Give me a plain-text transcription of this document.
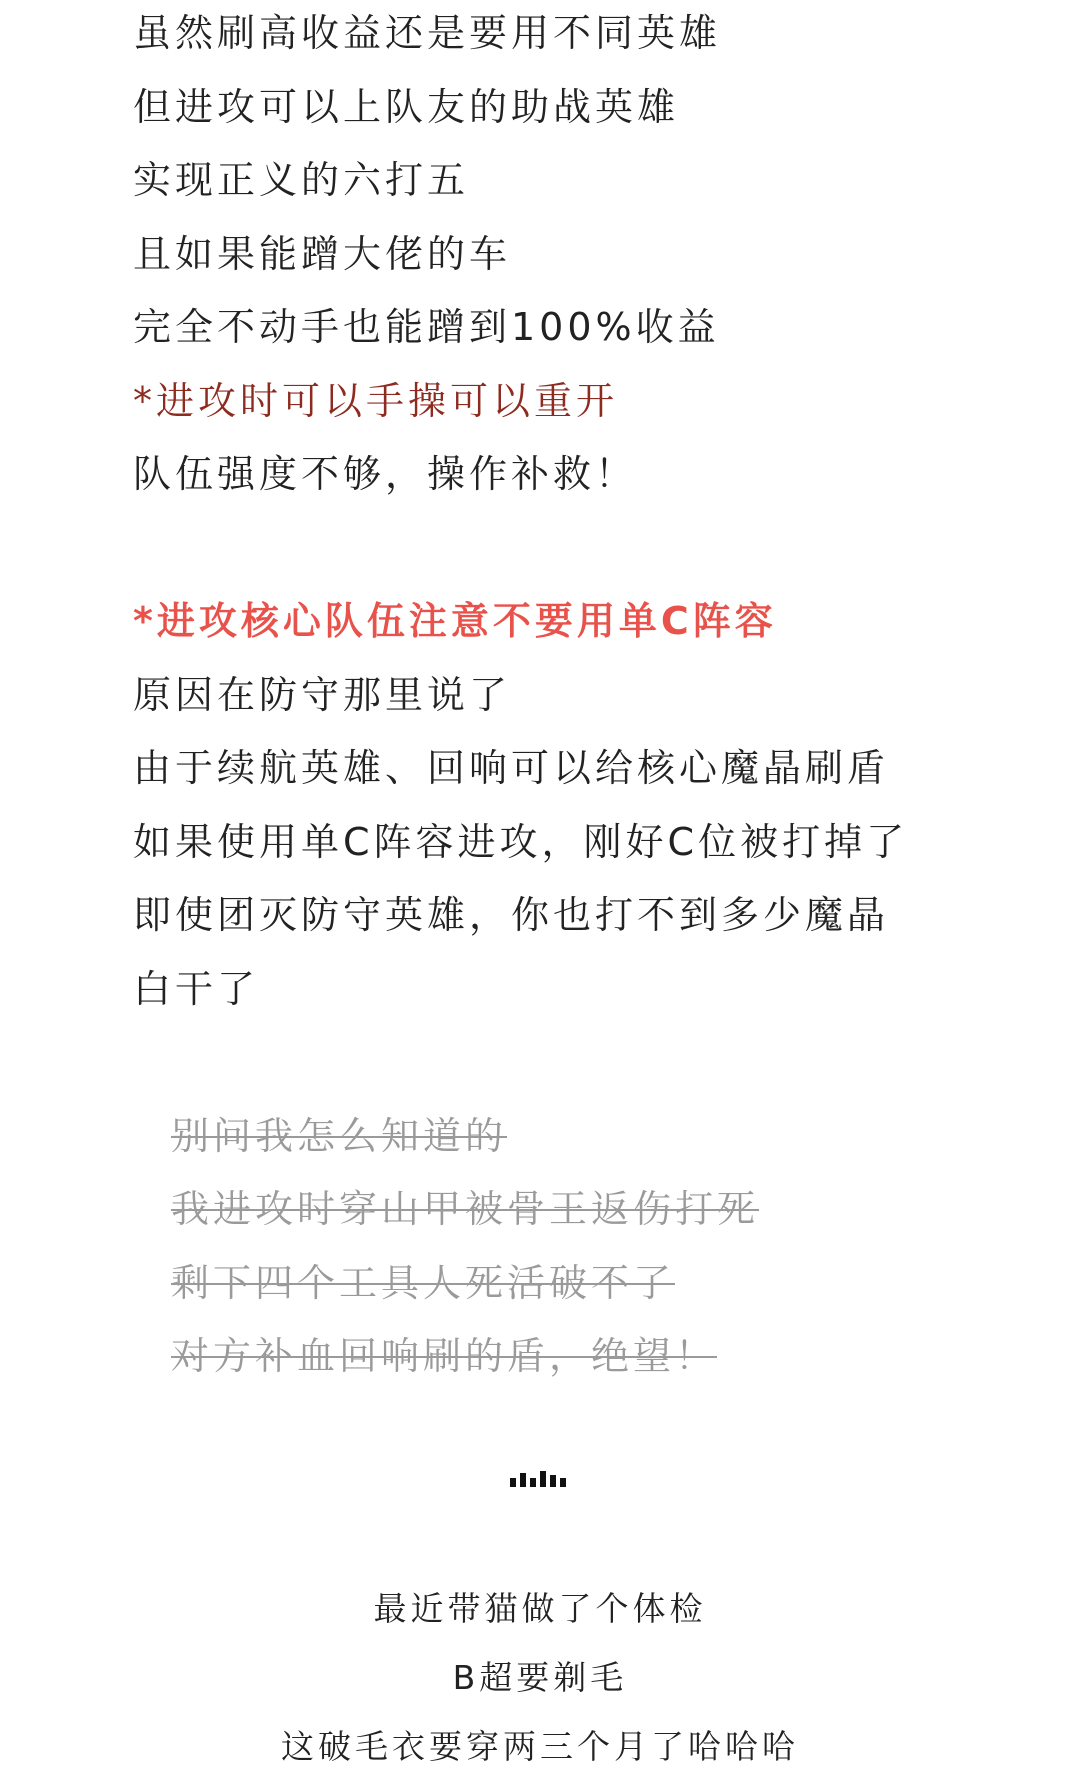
虽然刷高收益还是要用不同英雄
但进攻可以上队友的助战英雄
实现正义的六打五
且如果能蹭大佬的车
完全不动手也能蹭到100%收益
*进攻时可以手操可以重开
队伍强度不够，操作补救！
*进攻核心队伍注意不要用单C阵容
原因在防守那里说了
由于续航英雄、回响可以给核心魔晶刷盾
如果使用单C阵容进攻，刚好C位被打掉了
即使团灭防守英雄，你也打不到多少魔晶
白干了
别问我怎么知道的
我进攻时穿山甲被骨王返伤打死
剩下四个工具人死活破不了
对方补血回响刷的盾，绝望！
最近带猫做了个体检
B超要剃毛
这破毛衣要穿两三个月了哈哈哈
